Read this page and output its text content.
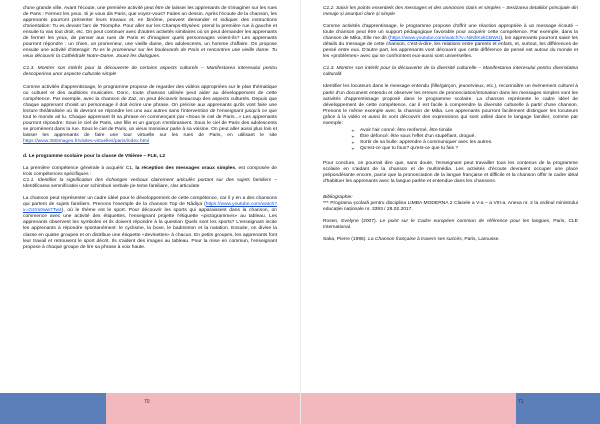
d'une grande ville. Avant l'écoute, une première activité peut être de laisser les apprenants de s'imaginer sur les rues de Paris : Fermez les yeux. Si je vous dis Paris, que voyez-vous? Faites un dessin. Après l'écoute de la chanson, les apprenants pourront présenter leurs travaux et, en binôme, peuvent demander et indiquer des instructions d'orientation: Tu es devant l'arc de Triomphe. Pour aller sur les Champs-Elysées: prend la première rue à gauche et ensuite tu vas tout droit, etc. On peut continuer avec d'autres activités similaires où on peut demander les apprenants de fermer les yeux, de penser aux rues de Paris et d'imaginer quels personnages voient-ils? Les apprenants pourront répondre : un chien, un promeneur, une vieille dame, des adolescents, un homme d'affaire. On propose ensuite une activité d'interagir: Tu es le promeneur sur les boulevards de Paris et rencontres une vieille dame. Tu veux découvrir la Cathédrale Notre-Dame. Jouez les dialogues.

C1.3. Montrer son intérêt pour la découverte de certains aspects culturels – Manifestarea interesului pentru descoperirea unor aspecte culturale simple

Comme activités d'apprentissage, le programme propose de regarder des vidéos appropriées sur le plan thématique ou culturel et des auditions musicales. Donc, toute chanson utilisée peut aider au développement de cette compétence. Par exemple, avec la chanson de Zaz, on peut découvrir beaucoup des aspects culturels. Depuis que chaque apprenant choisit un personnage il doit écrire une phrase. On précise aux apprenants qu'ils vont faire une lecture théâtralisée où ils devront se répondre les uns aux autres sans l'intervention de l'enseignant jusqu'à ce que tout le monde ait lu. Chaque apprenant lit sa phrase en commençant par «Sous le ciel de Paris...» Les apprenants pourront répondre: Sous le ciel de Paris, une fille et un garçon s'embrassent. Sous le ciel de Paris des adolescents se promènent dans la rue. Sous le ciel de Paris, un vieux monsieur parle à sa voisine. On peut aller aussi plus loin et laisser les apprenants de faire une tour virtuelle sur les rues de Paris, en utilisant le site https://www.360images.fr/visites-virtuelles/paris/index.html

d. Le programme scolaire pour la classe de VIIième – FLE, L2

La première compétence générale à acquérir C1, la réception des messages oraux simples, est composée de trois compétences spécifiques :
C1.1. Identifier la signification des échanges verbaux clairement articulés portant sur des sujets familiers – Identificarea semnificatiei unor schimburi verbale pe teme familiare, clar articulate

La chanson peut représenter un cadre idéel pour le développement de cette compétence, car il y en a des chansons qui partent de sujets familiers. Prenons l'exemple de la chanson Top de Nâdiya (https://www.youtube.com/watch?v=Gzrm0ww7Tw4), où le thème est le sport. Pour découvrir les sports qui apparaissent dans la chanson, on commence avec une activité des étiquettes, l'enseignant projette l'étiquette «pictogrammes» au tableau. Les apprenants observent les symboles et ils doivent répondre à la question Quels sont les sports? L'enseignant incite les apprenants à répondre spontanément: le cyclisme, la boxe, le badminton et la natation. Ensuite, on divise la classe en quatre groupes et on distribue une étiquette «devinettes» à chacun. En petits groupes, les apprenants font leur travail et retrouvent le sport décrit. Ils s'aident des images au tableau. Pour la mise en commun, l'enseignant propose à chaque groupe de lire sa phrase à voix haute.

70

C1.2. Saisir les points essentiels des messages et des annonces clairs et simples – Sesizarea detaliilor principale din mesaje și anunțuri clare și simple

Comme activités d'apprentissage, le programme propose d'offrir une réaction appropriée à un message écouté – toute chanson peut être un support pédagogique favorable pour acquérir cette compétence. Par exemple, dans la chanson de Mika, Elle me dit (https://www.youtube.com/watch?v=NiNhKxkCBWU), les apprenants pourront saisir les détails du message de cette chanson, c'est-à-dire, les relations entre parents et enfant, et, surtout, les différences de pensé entre eux. D'autre part, les apprenants vont découvrir que cette différence de pensé est autour du monde et les «problèmes» avec qui se confrontent eux-aussi sont universelles.

C1.3. Montrer son intérêt pour la découverte de la diversité culturelle – Manifestarea interesului pentru diversitatea culturală

Identifier les locuteurs dans le message entendu (fille/garçon, jeune/vieux, etc.), reconnaître un événement culturel à partir d'un document entendu et observer les erreurs de prononciation/intonation dans les messages simples sont les activités d'apprentissage proposé dans le programme scolaire. La chanson représente le cadre idéel de développement de cette compétence, car il est facile à comprendre la diversité culturelle à partir d'une chanson. Prenons le même exemple avec la chanson de Mika. Les apprenants pourront facilement distinguer les locuteurs grâce à la vidéo et aussi ils vont découvrir des expressions qui sont utilisé dans le langage familier, comme par exemple:

➢ Avoir l'air conné: être renfermé, être timide
➢ Être défoncé: être sous l'effet d'un stupéfiant, drogué.
➢ Sortir de sa bulle: apprendre à communiquer avec les autres.
➢ Qu'est-ce que tu fous? qu'est-ce que tu fais ?

Pour conclure, on pourrait dire que, sans doute, l'enseignant peut travailler tous les contenus de la programme scolaire en s'aidant de la chanson et de multimédia. Les activités d'écoute devraient occuper une place prépondérante encore, parce que la prononciation de la langue française et difficile et la chanson offrir le cadre idéal d'habituer les apprenants avec la langue parlée et entendue dans les chansons.

Bibliographie:

*** Programa școlară pentru disciplina LIMBA MODERNA 2 Clasele a V-a – a VIII-a, Anexa nr. 2 la ordinul ministrului educației naționale nr. 3393 / 28.02.2017.

Rosen, Evelyne (2007). Le point sur le Cadre européen commun de référence pour les langues, Paris, CLE International.

Saka, Pierre (1995). La Chanson française à travers ses succès, Paris, Larousse.

71
